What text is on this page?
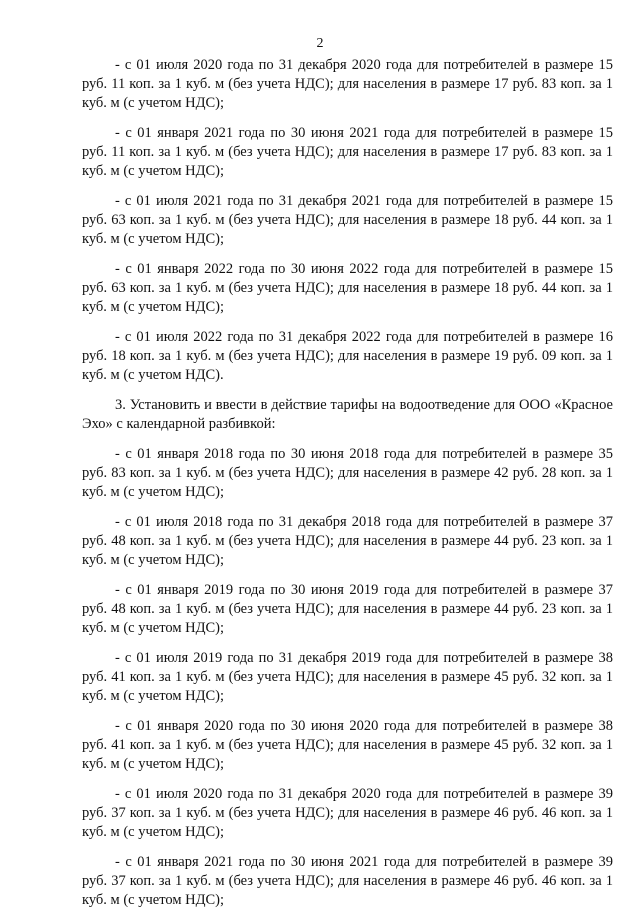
2

- с 01 июля 2020 года по 31 декабря 2020 года для потребителей в размере 15 руб. 11 коп. за 1 куб. м (без учета НДС); для населения в размере 17 руб. 83 коп. за 1 куб. м (с учетом НДС);

- с 01 января 2021 года по 30 июня 2021 года для потребителей в размере 15 руб. 11 коп. за 1 куб. м (без учета НДС); для населения в размере 17 руб. 83 коп. за 1 куб. м (с учетом НДС);

- с 01 июля 2021 года по 31 декабря 2021 года для потребителей в размере 15 руб. 63 коп. за 1 куб. м (без учета НДС); для населения в размере 18 руб. 44 коп. за 1 куб. м (с учетом НДС);

- с 01 января 2022 года по 30 июня 2022 года для потребителей в размере 15 руб. 63 коп. за 1 куб. м (без учета НДС); для населения в размере 18 руб. 44 коп. за 1 куб. м (с учетом НДС);

- с 01 июля 2022 года по 31 декабря 2022 года для потребителей в размере 16 руб. 18 коп. за 1 куб. м (без учета НДС); для населения в размере 19 руб. 09 коп. за 1 куб. м (с учетом НДС).

3. Установить и ввести в действие тарифы на водоотведение для ООО «Красное Эхо» с календарной разбивкой:

- с 01 января 2018 года по 30 июня 2018 года для потребителей в размере 35 руб. 83 коп. за 1 куб. м (без учета НДС); для населения в размере 42 руб. 28 коп. за 1 куб. м (с учетом НДС);

- с 01 июля 2018 года по 31 декабря 2018 года для потребителей в размере 37 руб. 48 коп. за 1 куб. м (без учета НДС); для населения в размере 44 руб. 23 коп. за 1 куб. м (с учетом НДС);

- с 01 января 2019 года по 30 июня 2019 года для потребителей в размере 37 руб. 48 коп. за 1 куб. м (без учета НДС); для населения в размере 44 руб. 23 коп. за 1 куб. м (с учетом НДС);

- с 01 июля 2019 года по 31 декабря 2019 года для потребителей в размере 38 руб. 41 коп. за 1 куб. м (без учета НДС); для населения в размере 45 руб. 32 коп. за 1 куб. м (с учетом НДС);

- с 01 января 2020 года по 30 июня 2020 года для потребителей в размере 38 руб. 41 коп. за 1 куб. м (без учета НДС); для населения в размере 45 руб. 32 коп. за 1 куб. м (с учетом НДС);

- с 01 июля 2020 года по 31 декабря 2020 года для потребителей в размере 39 руб. 37 коп. за 1 куб. м (без учета НДС); для населения в размере 46 руб. 46 коп. за 1 куб. м (с учетом НДС);

- с 01 января 2021 года по 30 июня 2021 года для потребителей в размере 39 руб. 37 коп. за 1 куб. м (без учета НДС); для населения в размере 46 руб. 46 коп. за 1 куб. м (с учетом НДС);
